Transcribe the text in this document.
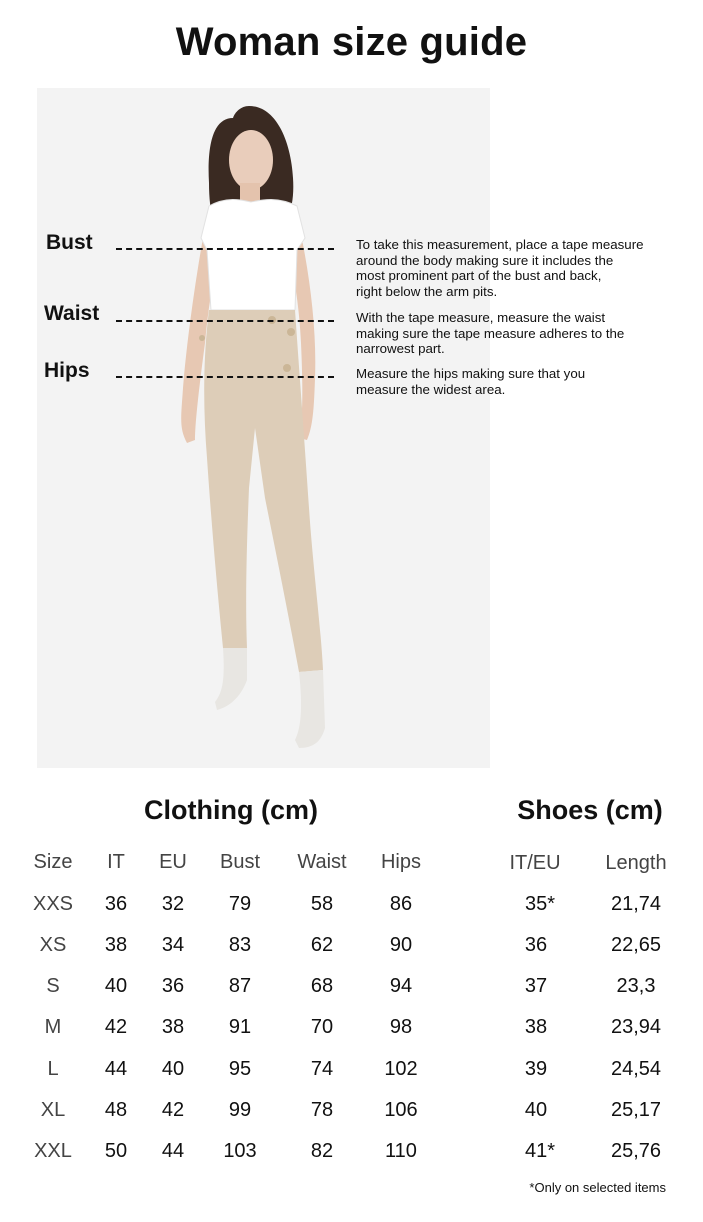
Woman size guide
Bust
Waist
Hips
To take this measurement, place a tape measure
around the body making sure it includes the
most prominent part of the bust and back,
right below the arm pits.
With the tape measure, measure the waist
making sure the tape measure adheres to the
narrowest part.
Measure the hips making sure that you
measure the widest area.
Clothing (cm)	Shoes (cm)
Size	IT	EU	Bust	Waist	Hips	IT/EU	Length
XXS	36	32	79	58	86
XS	38	34	83	62	90
S	40	36	87	68	94
M	42	38	91	70	98
L	44	40	95	74	102
XL	48	42	99	78	106
XXL	50	44	103	82	110
35*	21,74
36	22,65
37	23,3
38	23,94
39	24,54
40	25,17
41*	25,76
*Only on selected items
